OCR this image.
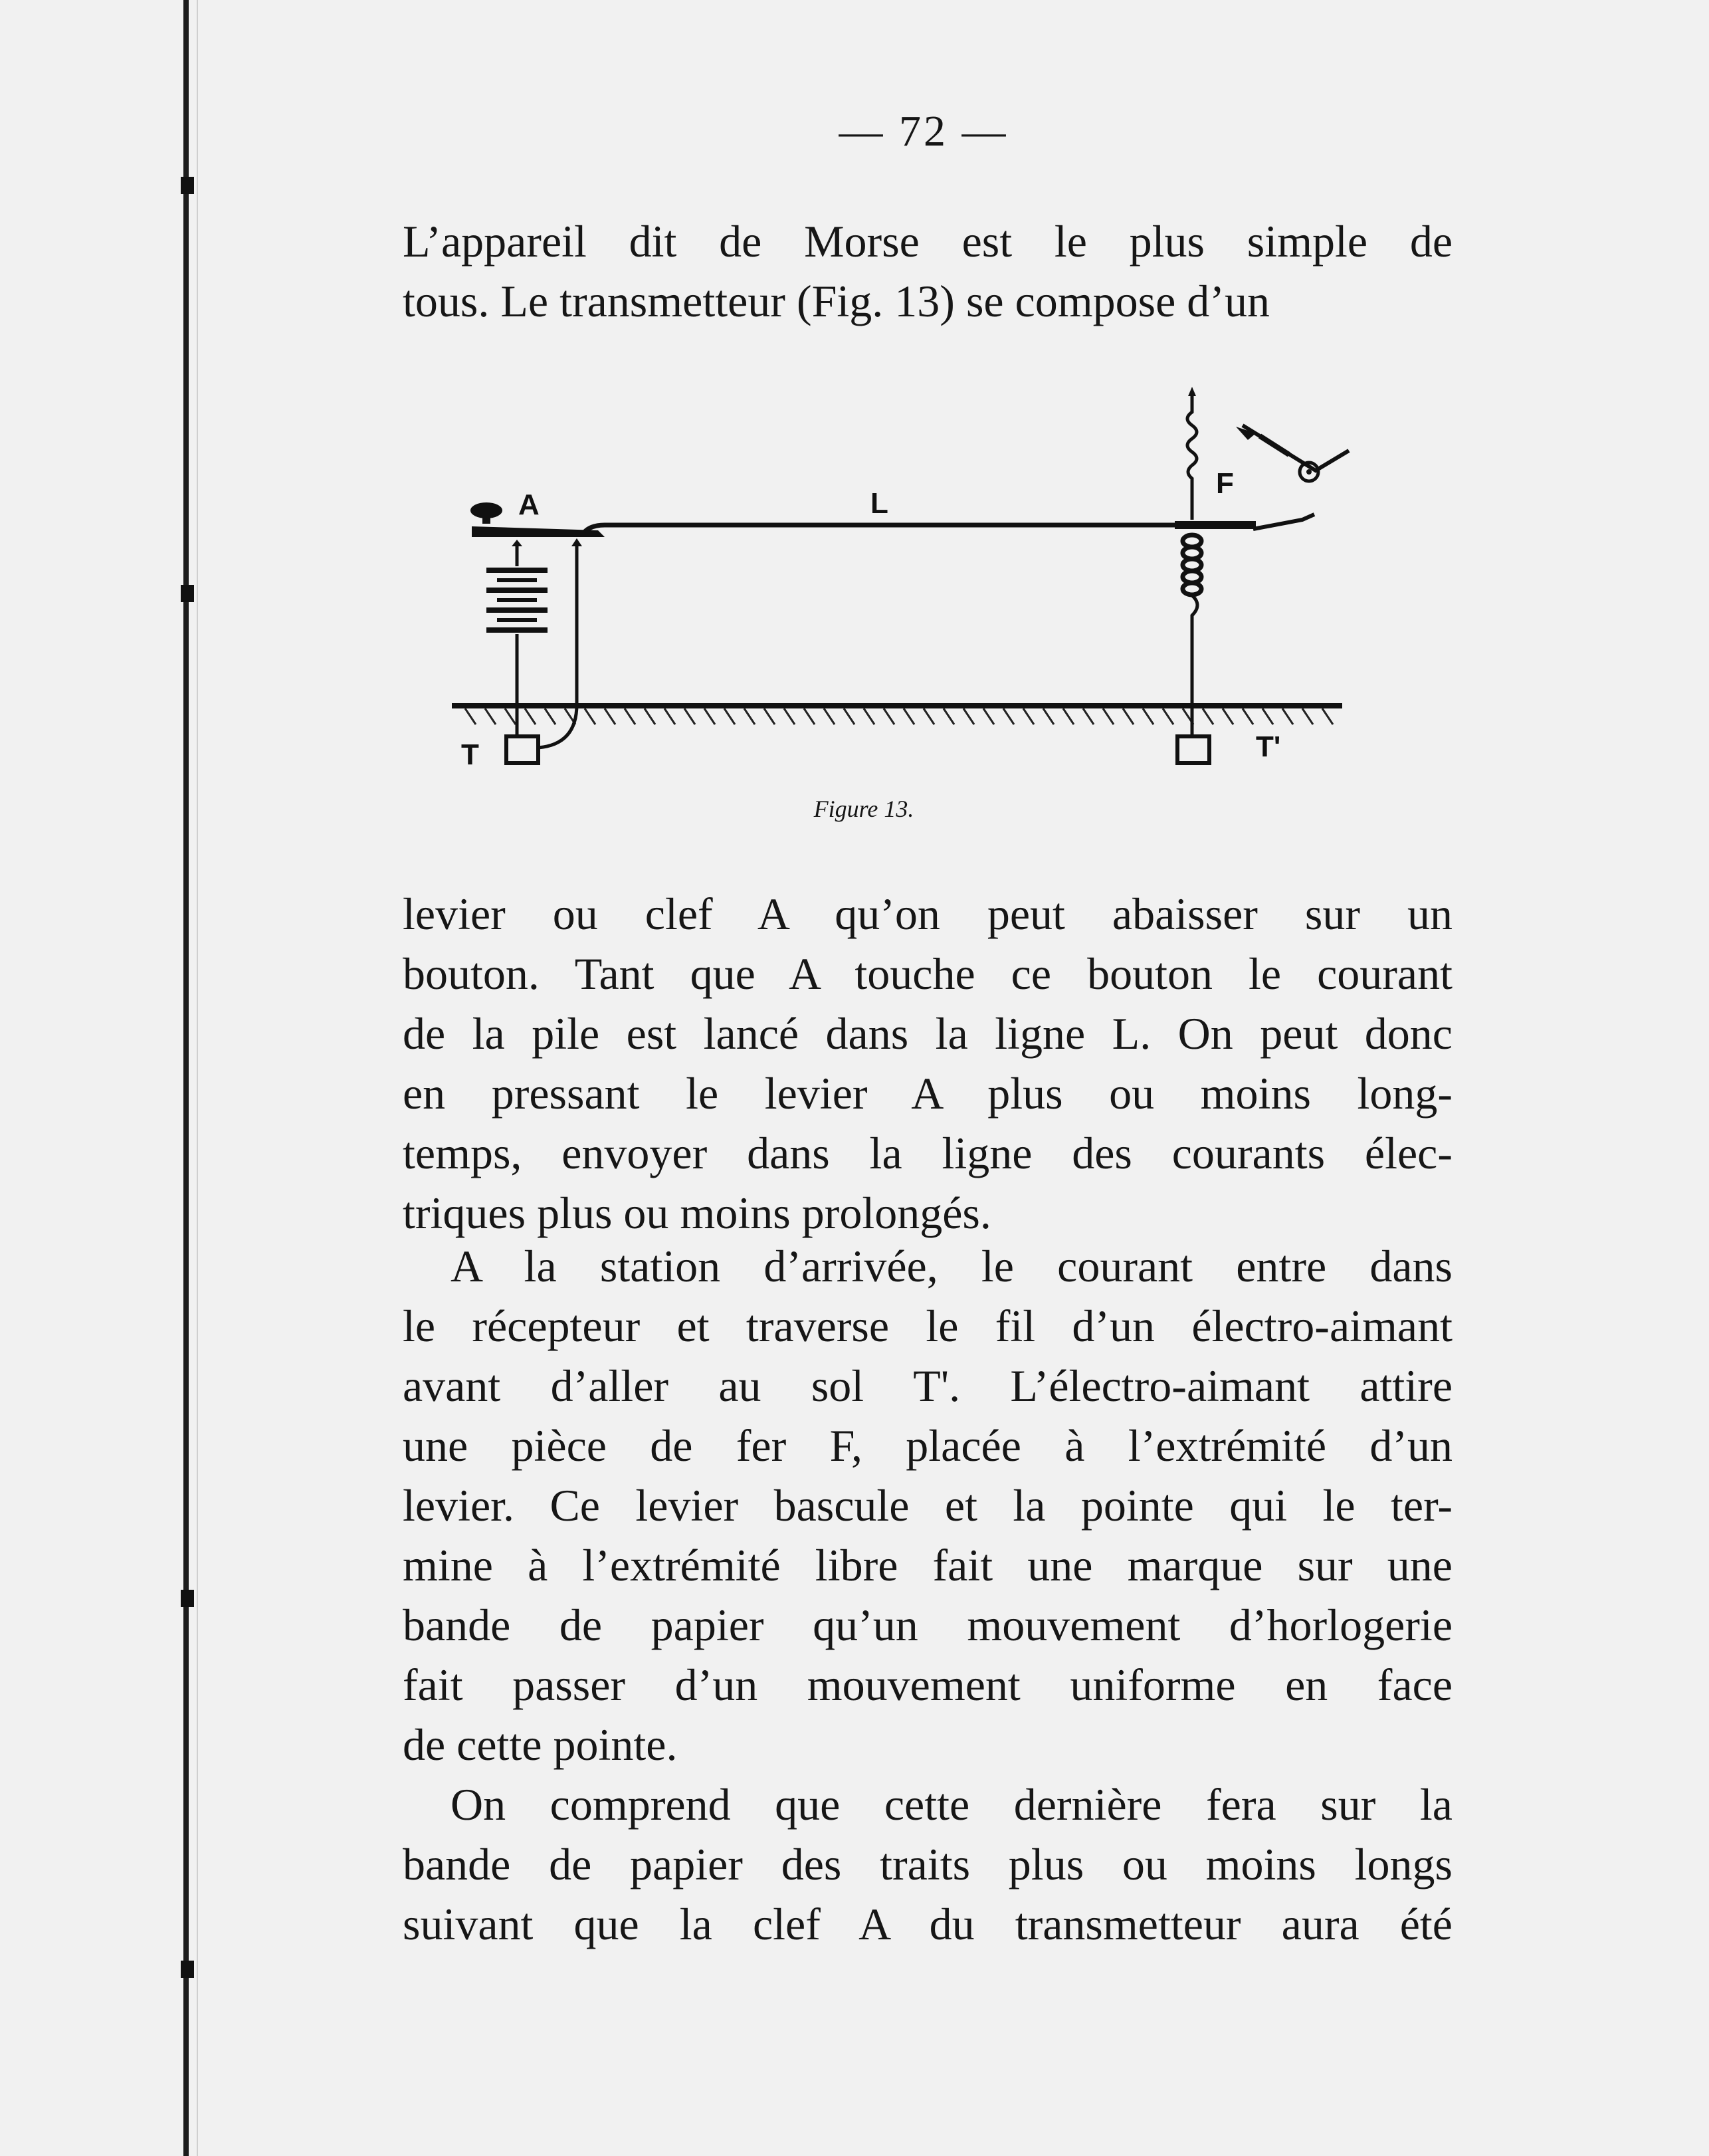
— 72 —

L’appareil dit de Morse est le plus simple de
tous. Le transmetteur (Fig. 13) se compose d’un

A	L
T
F
T'
Figure 13.

levier ou clef A qu’on peut abaisser sur un
bouton. Tant que A touche ce bouton le courant
de la pile est lancé dans la ligne L. On peut donc
en pressant le levier A plus ou moins long-
temps, envoyer dans la ligne des courants élec-
triques plus ou moins prolongés.

A la station d’arrivée, le courant entre dans
le récepteur et traverse le fil d’un électro-aimant
avant d’aller au sol T'. L’électro-aimant attire
une pièce de fer F, placée à l’extrémité d’un
levier. Ce levier bascule et la pointe qui le ter-
mine à l’extrémité libre fait une marque sur une
bande de papier qu’un mouvement d’horlogerie
fait passer d’un mouvement uniforme en face
de cette pointe.

On comprend que cette dernière fera sur la
bande de papier des traits plus ou moins longs
suivant que la clef A du transmetteur aura été
